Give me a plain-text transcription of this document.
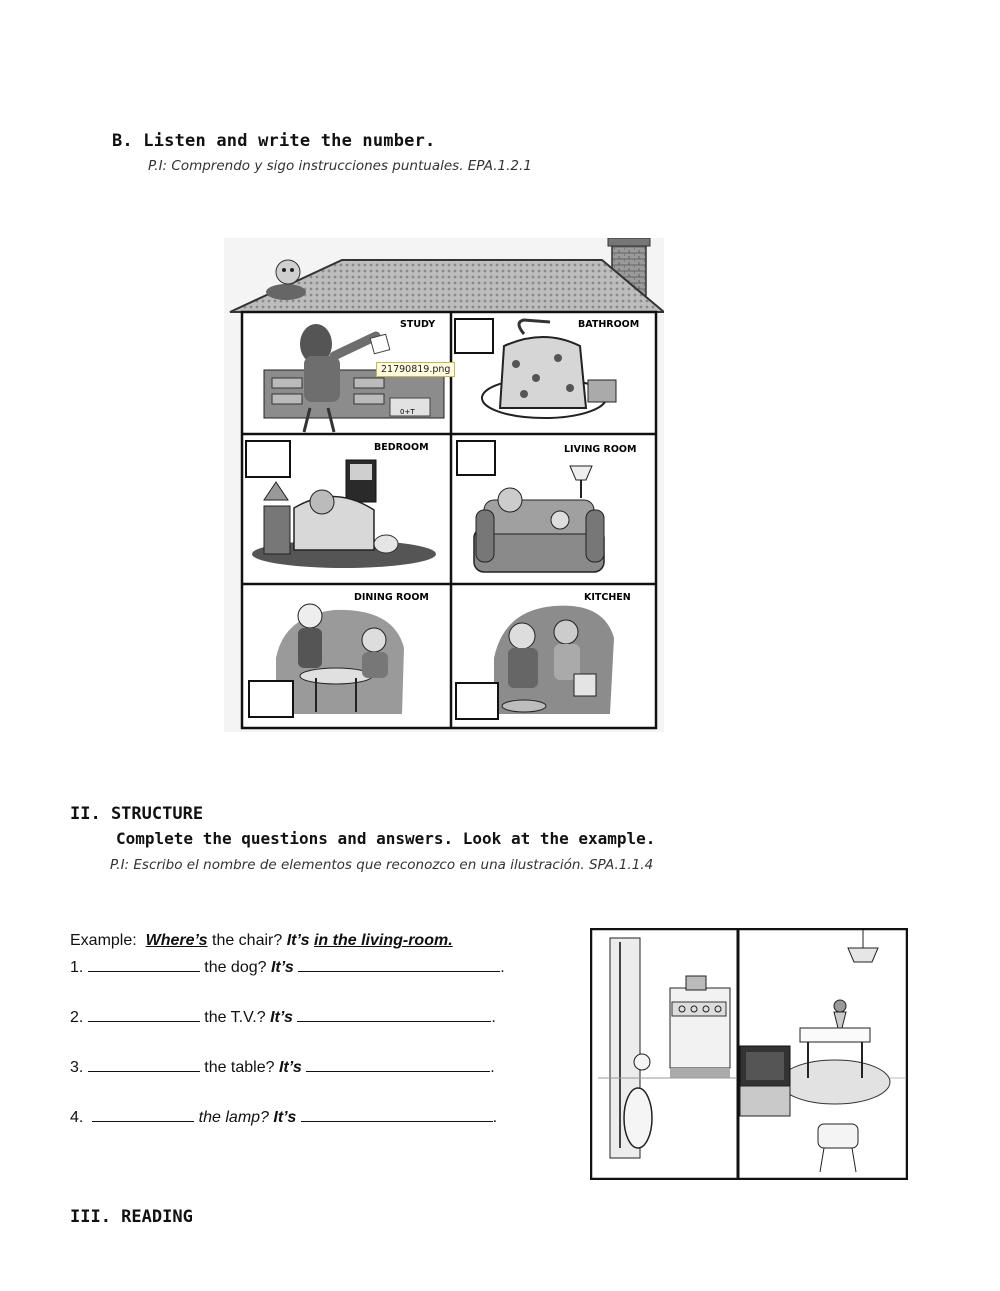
B. Listen and write the number.
P.I: Comprendo y sigo instrucciones puntuales. EPA.1.2.1
STUDY
0+T
BATHROOM
BEDROOM	LIVING ROOM
DINING ROOM	KITCHEN
21790819.png
II. STRUCTURE
Complete the questions and answers. Look at the example.
P.I: Escribo el nombre de elementos que reconozco en una ilustración. SPA.1.1.4
Example:  Where’s the chair? It’s in the living-room.
1.	the dog? It’s	.
2.	the T.V.? It’s	.
3.	the table? It’s	.
4.	the lamp? It’s	.
III. READING
